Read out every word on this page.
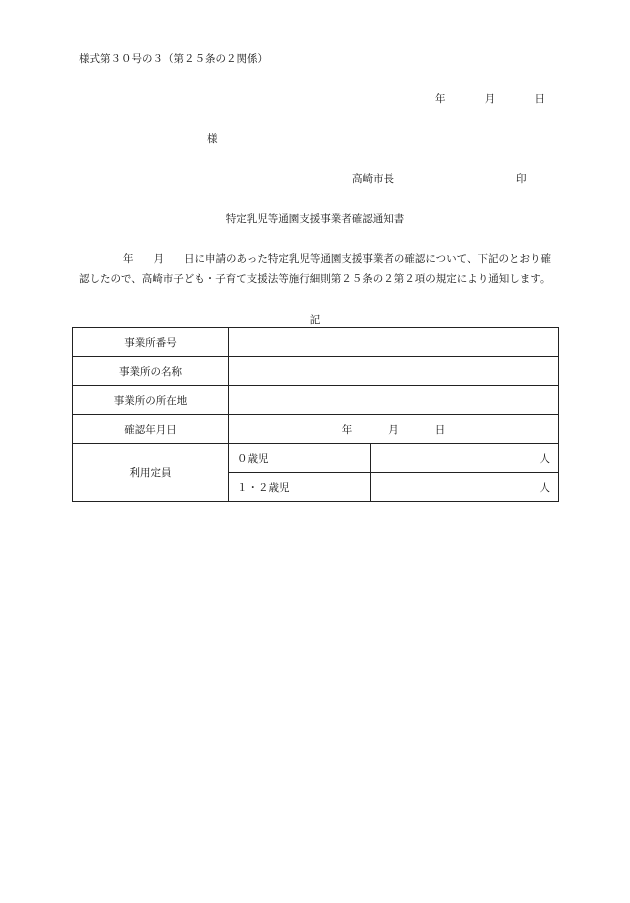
様式第３０号の３（第２５条の２関係）
年	月	日
様
高崎市長	印
特定乳児等通園支援事業者確認通知書
年 月 日に申請のあった特定乳児等通園支援事業者の確認について、下記のとおり確認したので、高崎市子ども・子育て支援法等施行細則第２５条の２第２項の規定により通知します。
記
事業所番号		
事業所の名称		
事業所の所在地		
確認年月日	年 月 日	

利用定員	０歳児	人
	１・２歳児	人
